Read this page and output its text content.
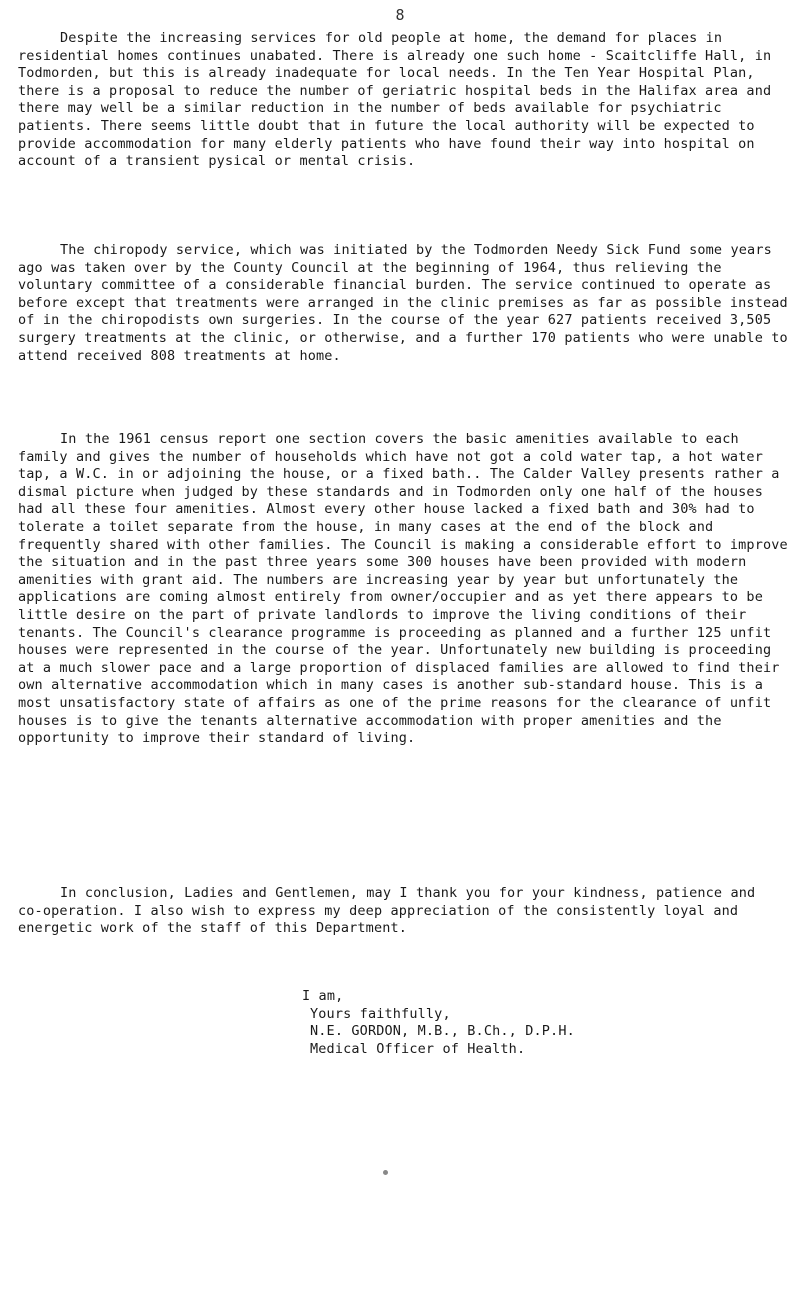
8

Despite the increasing services for old people at home, the demand for places in residential homes continues unabated. There is already one such home - Scaitcliffe Hall, in Todmorden, but this is already inadequate for local needs. In the Ten Year Hospital Plan, there is a proposal to reduce the number of geriatric hospital beds in the Halifax area and there may well be a similar reduction in the number of beds available for psychiatric patients. There seems little doubt that in future the local authority will be expected to provide accommodation for many elderly patients who have found their way into hospital on account of a transient pysical or mental crisis.

The chiropody service, which was initiated by the Todmorden Needy Sick Fund some years ago was taken over by the County Council at the beginning of 1964, thus relieving the voluntary committee of a considerable financial burden. The service continued to operate as before except that treatments were arranged in the clinic premises as far as possible instead of in the chiropodists own surgeries. In the course of the year 627 patients received 3,505 surgery treatments at the clinic, or otherwise, and a further 170 patients who were unable to attend received 808 treatments at home.

In the 1961 census report one section covers the basic amenities available to each family and gives the number of households which have not got a cold water tap, a hot water tap, a W.C. in or adjoining the house, or a fixed bath.. The Calder Valley presents rather a dismal picture when judged by these standards and in Todmorden only one half of the houses had all these four amenities. Almost every other house lacked a fixed bath and 30% had to tolerate a toilet separate from the house, in many cases at the end of the block and frequently shared with other families. The Council is making a considerable effort to improve the situation and in the past three years some 300 houses have been provided with modern amenities with grant aid. The numbers are increasing year by year but unfortunately the applications are coming almost entirely from owner/occupier and as yet there appears to be little desire on the part of private landlords to improve the living conditions of their tenants. The Council's clearance programme is proceeding as planned and a further 125 unfit houses were represented in the course of the year. Unfortunately new building is proceeding at a much slower pace and a large proportion of displaced families are allowed to find their own alternative accommodation which in many cases is another sub-standard house. This is a most unsatisfactory state of affairs as one of the prime reasons for the clearance of unfit houses is to give the tenants alternative accommodation with proper amenities and the opportunity to improve their standard of living.

In conclusion, Ladies and Gentlemen, may I thank you for your kindness, patience and co-operation. I also wish to express my deep appreciation of the consistently loyal and energetic work of the staff of this Department.

I am,
Yours faithfully,
N.E. GORDON, M.B., B.Ch., D.P.H.
Medical Officer of Health.
